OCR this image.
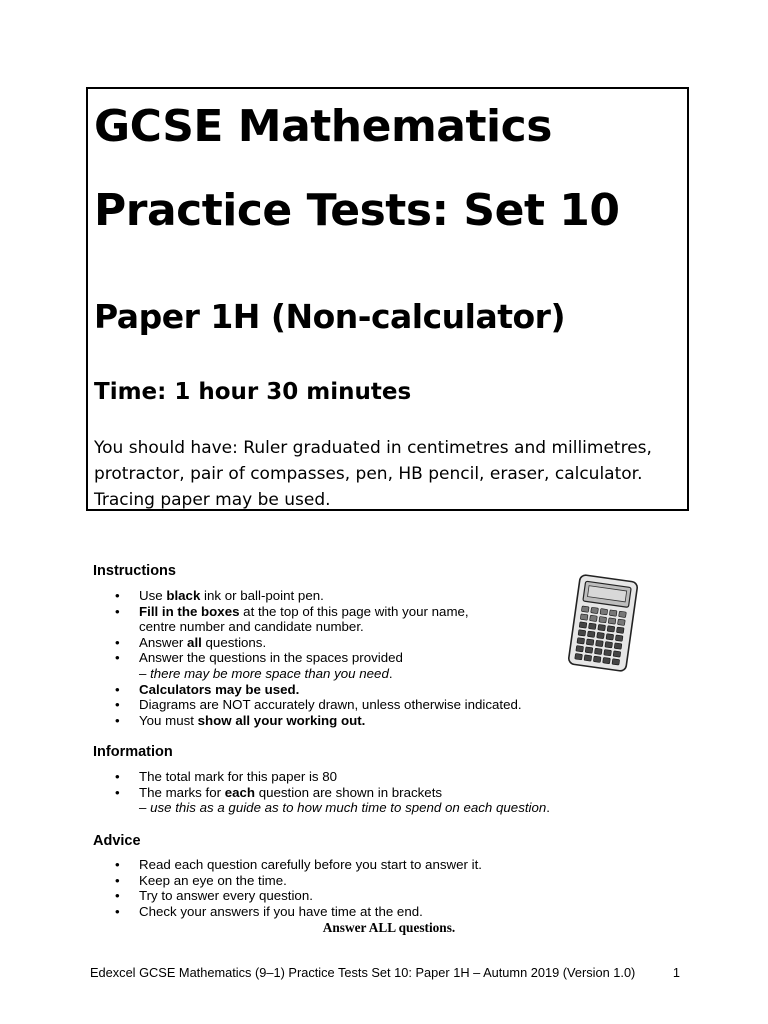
GCSE Mathematics
Practice Tests: Set 10
Paper 1H (Non-calculator)
Time: 1 hour 30 minutes
You should have: Ruler graduated in centimetres and millimetres, protractor, pair of compasses, pen, HB pencil, eraser, calculator. Tracing paper may be used.
Instructions
• Use black ink or ball-point pen.
• Fill in the boxes at the top of this page with your name,
centre number and candidate number.
• Answer all questions.
• Answer the questions in the spaces provided
– there may be more space than you need.
• Calculators may be used.
• Diagrams are NOT accurately drawn, unless otherwise indicated.
• You must show all your working out.
Information
• The total mark for this paper is 80
• The marks for each question are shown in brackets
– use this as a guide as to how much time to spend on each question.
Advice
• Read each question carefully before you start to answer it.
• Keep an eye on the time.
• Try to answer every question.
• Check your answers if you have time at the end.
Answer ALL questions.
Edexcel GCSE Mathematics (9–1) Practice Tests Set 10: Paper 1H – Autumn 2019 (Version 1.0)	1
